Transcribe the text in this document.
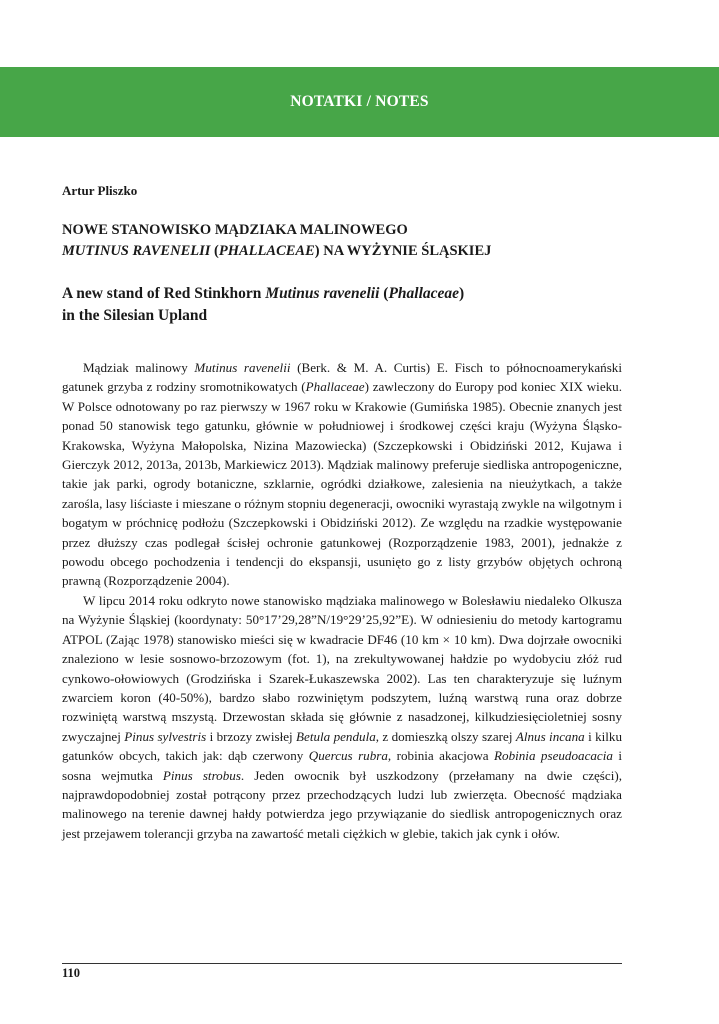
NOTATKI / NOTES
Artur Pliszko
NOWE STANOWISKO MĄDZIAKA MALINOWEGO
MUTINUS RAVENELII (PHALLACEAE) NA WYŻYNIE ŚLĄSKIEJ
A new stand of Red Stinkhorn Mutinus ravenelii (Phallaceae)
in the Silesian Upland

Mądziak malinowy Mutinus ravenelii (Berk. & M. A. Curtis) E. Fisch to północnoamerykański gatunek grzyba z rodziny sromotnikowatych (Phallaceae) zawleczony do Europy pod koniec XIX wieku. W Polsce odnotowany po raz pierwszy w 1967 roku w Krakowie (Gumińska 1985). Obecnie znanych jest ponad 50 stanowisk tego gatunku, głównie w południowej i środkowej części kraju (Wyżyna Śląsko-Krakowska, Wyżyna Małopolska, Nizina Mazowiecka) (Szczepkowski i Obidziński 2012, Kujawa i Gierczyk 2012, 2013a, 2013b, Markiewicz 2013). Mądziak malinowy preferuje siedliska antropogeniczne, takie jak parki, ogrody botaniczne, szklarnie, ogródki działkowe, zalesienia na nieużytkach, a także zarośla, lasy liściaste i mieszane o różnym stopniu degeneracji, owocniki wyrastają zwykle na wilgotnym i bogatym w próchnicę podłożu (Szczepkowski i Obidziński 2012). Ze względu na rzadkie występowanie przez dłuższy czas podlegał ścisłej ochronie gatunkowej (Rozporządzenie 1983, 2001), jednakże z powodu obcego pochodzenia i tendencji do ekspansji, usunięto go z listy grzybów objętych ochroną prawną (Rozporządzenie 2004).

W lipcu 2014 roku odkryto nowe stanowisko mądziaka malinowego w Bolesławiu niedaleko Olkusza na Wyżynie Śląskiej (koordynaty: 50°17’29,28”N/19°29’25,92”E). W odniesieniu do metody kartogramu ATPOL (Zając 1978) stanowisko mieści się w kwadracie DF46 (10 km × 10 km). Dwa dojrzałe owocniki znaleziono w lesie sosnowo-brzozowym (fot. 1), na zrekultywowanej hałdzie po wydobyciu złóż rud cynkowo-ołowiowych (Grodzińska i Szarek-Łukaszewska 2002). Las ten charakteryzuje się luźnym zwarciem koron (40-50%), bardzo słabo rozwiniętym podszytem, luźną warstwą runa oraz dobrze rozwiniętą warstwą mszystą. Drzewostan składa się głównie z nasadzonej, kilkudziesięcioletniej sosny zwyczajnej Pinus sylvestris i brzozy zwisłej Betula pendula, z domieszką olszy szarej Alnus incana i kilku gatunków obcych, takich jak: dąb czerwony Quercus rubra, robinia akacjowa Robinia pseudoacacia i sosna wejmutka Pinus strobus. Jeden owocnik był uszkodzony (przełamany na dwie części), najprawdopodobniej został potrącony przez przechodzących ludzi lub zwierzęta. Obecność mądziaka malinowego na terenie dawnej hałdy potwierdza jego przywiązanie do siedlisk antropogenicznych oraz jest przejawem tolerancji grzyba na zawartość metali ciężkich w glebie, takich jak cynk i ołów.

110
